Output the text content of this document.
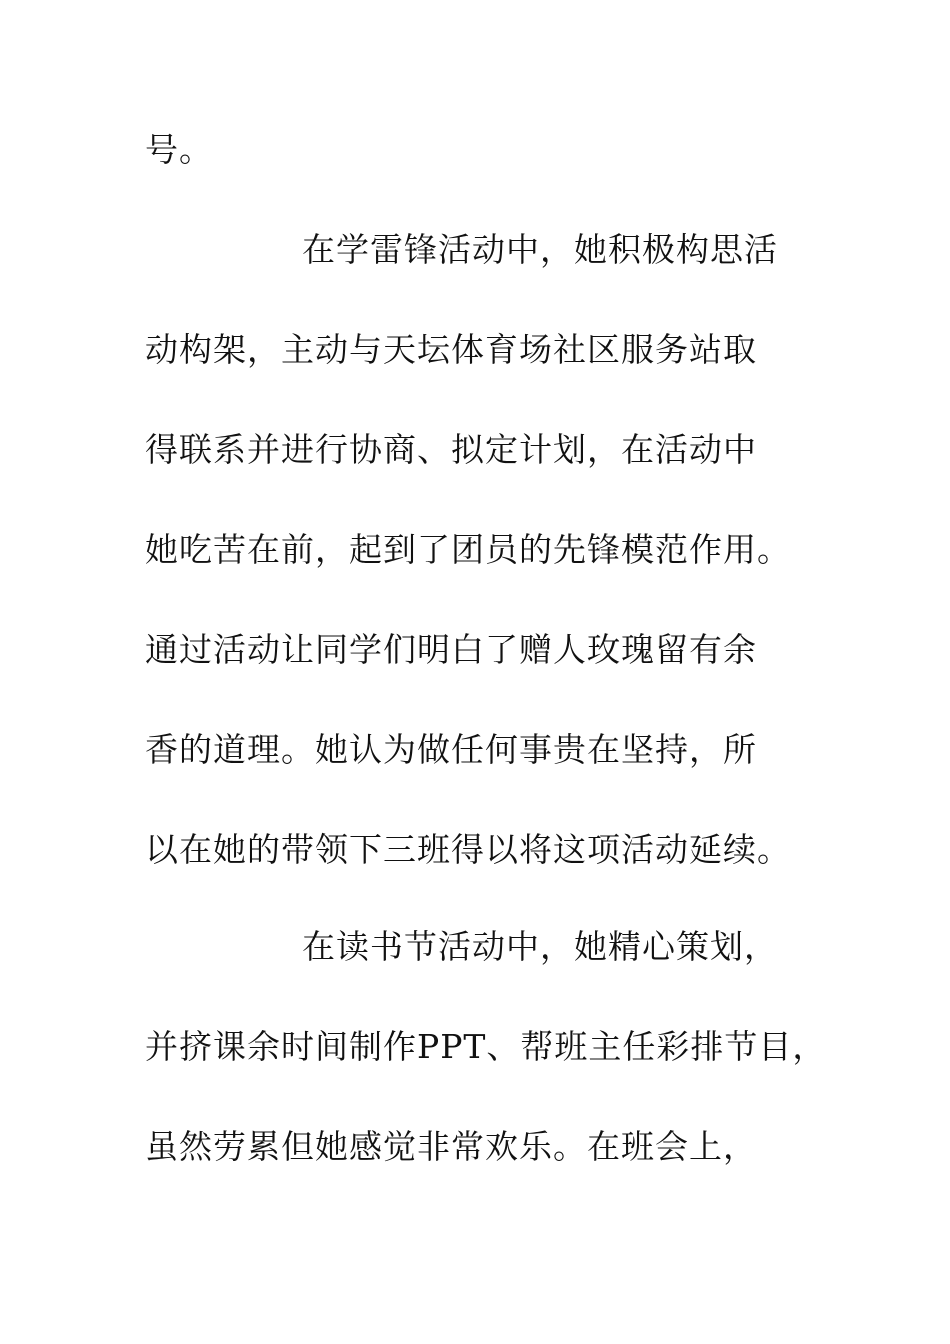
号。
在学雷锋活动中，她积极构思活
动构架，主动与天坛体育场社区服务站取
得联系并进行协商、拟定计划，在活动中
她吃苦在前，起到了团员的先锋模范作用。
通过活动让同学们明白了赠人玫瑰留有余
香的道理。她认为做任何事贵在坚持，所
以在她的带领下三班得以将这项活动延续。
在读书节活动中，她精心策划，
并挤课余时间制作PPT、帮班主任彩排节目，
虽然劳累但她感觉非常欢乐。在班会上，
